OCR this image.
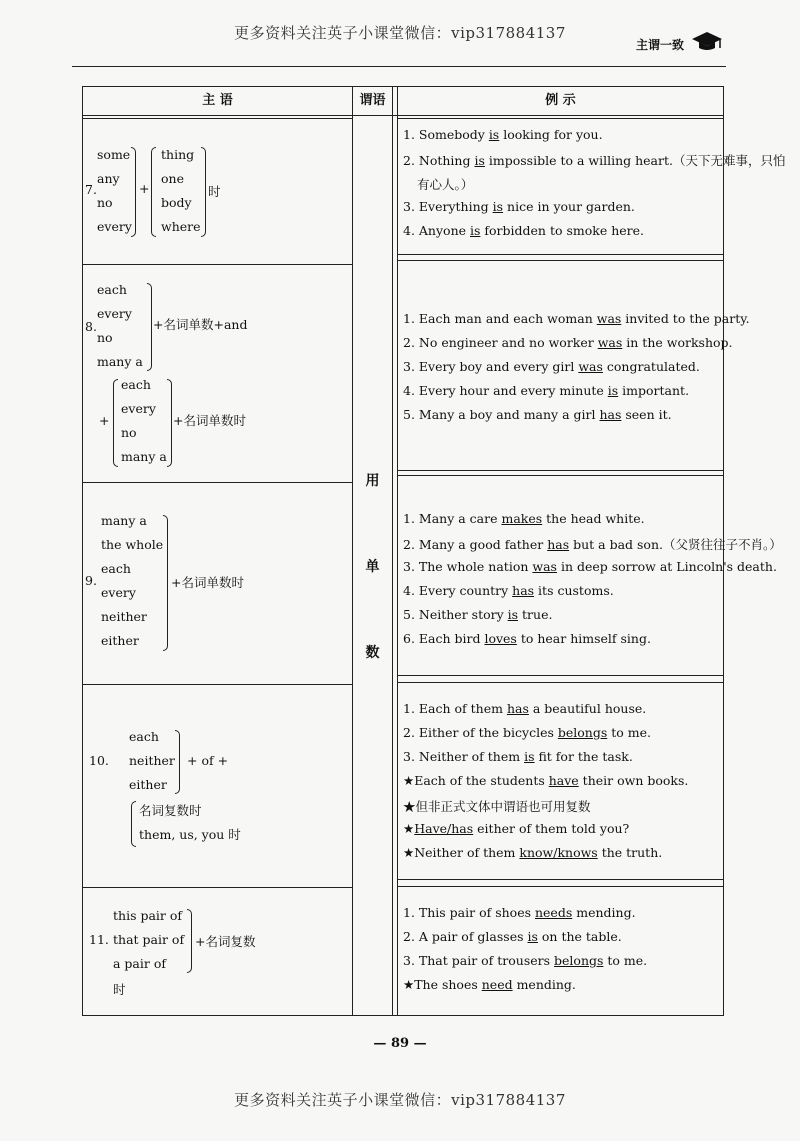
更多资料关注英子小课堂微信：vip317884137
主谓一致
主 语	谓语	例 示
用
单
数
7.
some
any
no
every
+
thing
one
body
where
时
1. Somebody is looking for you.
2. Nothing is impossible to a willing heart.（天下无难事，只怕
有心人。）
3. Everything is nice in your garden.
4. Anyone is forbidden to smoke here.
8.
each
every
no
many a
+名词单数+and
+
each
every
no
many a
+名词单数时
1. Each man and each woman was invited to the party.
2. No engineer and no worker was in the workshop.
3. Every boy and every girl was congratulated.
4. Every hour and every minute is important.
5. Many a boy and many a girl has seen it.
9.
many a
the whole
each
every
neither
either
+名词单数时
1. Many a care makes the head white.
2. Many a good father has but a bad son.（父贤往往子不肖。）
3. The whole nation was in deep sorrow at Lincoln's death.
4. Every country has its customs.
5. Neither story is true.
6. Each bird loves to hear himself sing.
10.
each
neither
either
+ of +
名词复数时
them, us, you 时
1. Each of them has a beautiful house.
2. Either of the bicycles belongs to me.
3. Neither of them is fit for the task.
★Each of the students have their own books.
★但非正式文体中谓语也可用复数
★Have/has either of them told you?
★Neither of them know/knows the truth.
11.
this pair of
that pair of
a pair of
时
+名词复数
1. This pair of shoes needs mending.
2. A pair of glasses is on the table.
3. That pair of trousers belongs to me.
★The shoes need mending.
— 89 —
更多资料关注英子小课堂微信：vip317884137
